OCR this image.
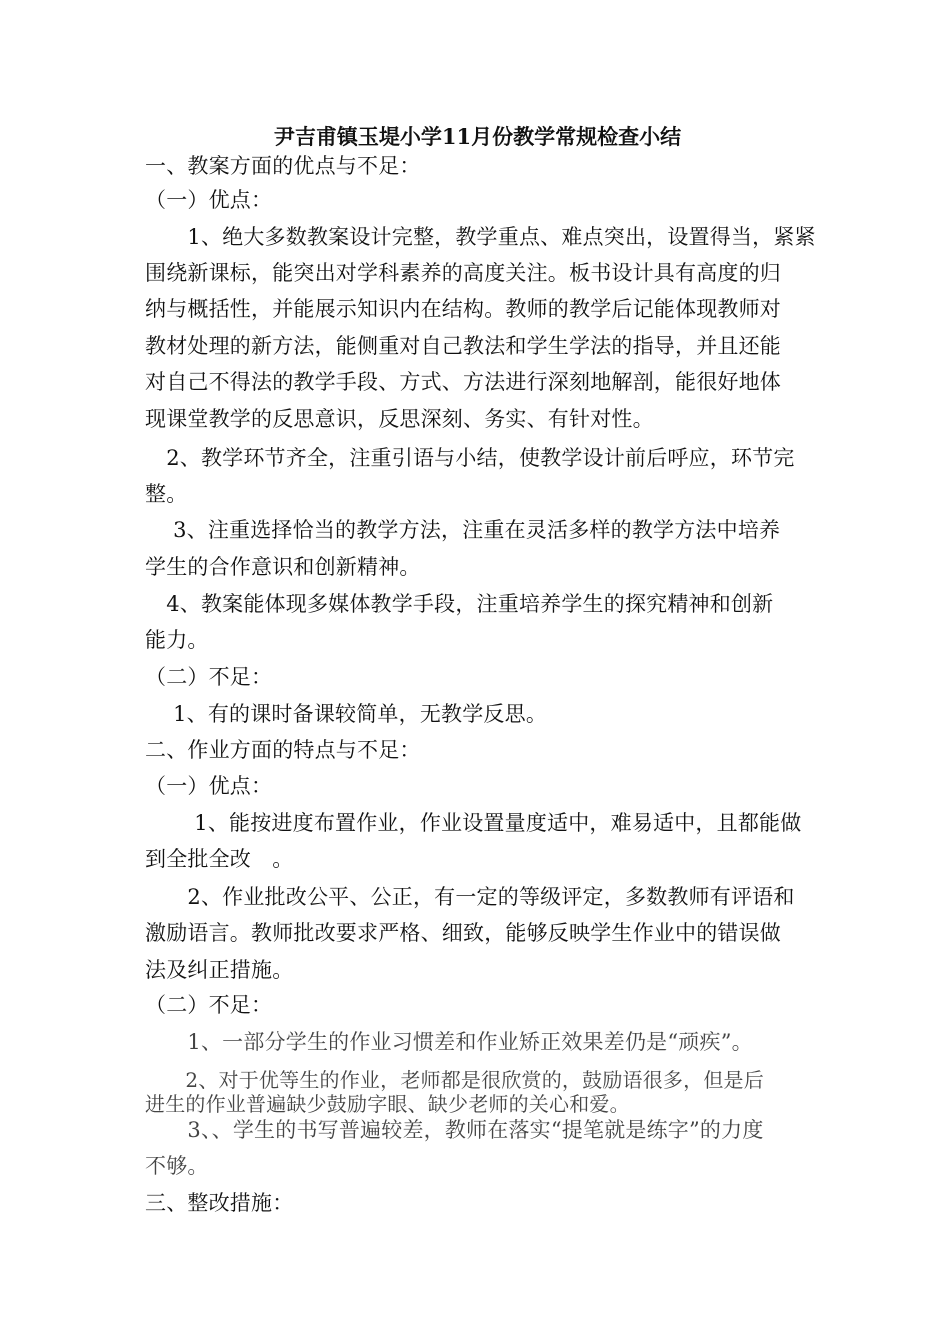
尹吉甫镇玉堤小学11月份教学常规检查小结
一、教案方面的优点与不足：
（一）优点：
　　1、绝大多数教案设计完整，教学重点、难点突出，设置得当，紧紧
围绕新课标，能突出对学科素养的高度关注。板书设计具有高度的归
纳与概括性，并能展示知识内在结构。教师的教学后记能体现教师对
教材处理的新方法，能侧重对自己教法和学生学法的指导，并且还能
对自己不得法的教学手段、方式、方法进行深刻地解剖，能很好地体
现课堂教学的反思意识，反思深刻、务实、有针对性。
　2、教学环节齐全，注重引语与小结，使教学设计前后呼应，环节完
整。
　 3、注重选择恰当的教学方法，注重在灵活多样的教学方法中培养
学生的合作意识和创新精神。
　4、教案能体现多媒体教学手段，注重培养学生的探究精神和创新
能力。
（二）不足：
　 1、有的课时备课较简单，无教学反思。
二、作业方面的特点与不足：
（一）优点：
　　 1、能按进度布置作业，作业设置量度适中，难易适中，且都能做
到全批全改　。
　　2、作业批改公平、公正，有一定的等级评定，多数教师有评语和
激励语言。教师批改要求严格、细致，能够反映学生作业中的错误做
法及纠正措施。
（二）不足：
　　1、一部分学生的作业习惯差和作业矫正效果差仍是“顽疾”。
　　2、对于优等生的作业，老师都是很欣赏的，鼓励语很多，但是后
进生的作业普遍缺少鼓励字眼、缺少老师的关心和爱。
　　3、、学生的书写普遍较差，教师在落实“提笔就是练字”的力度
不够。
三、整改措施：
